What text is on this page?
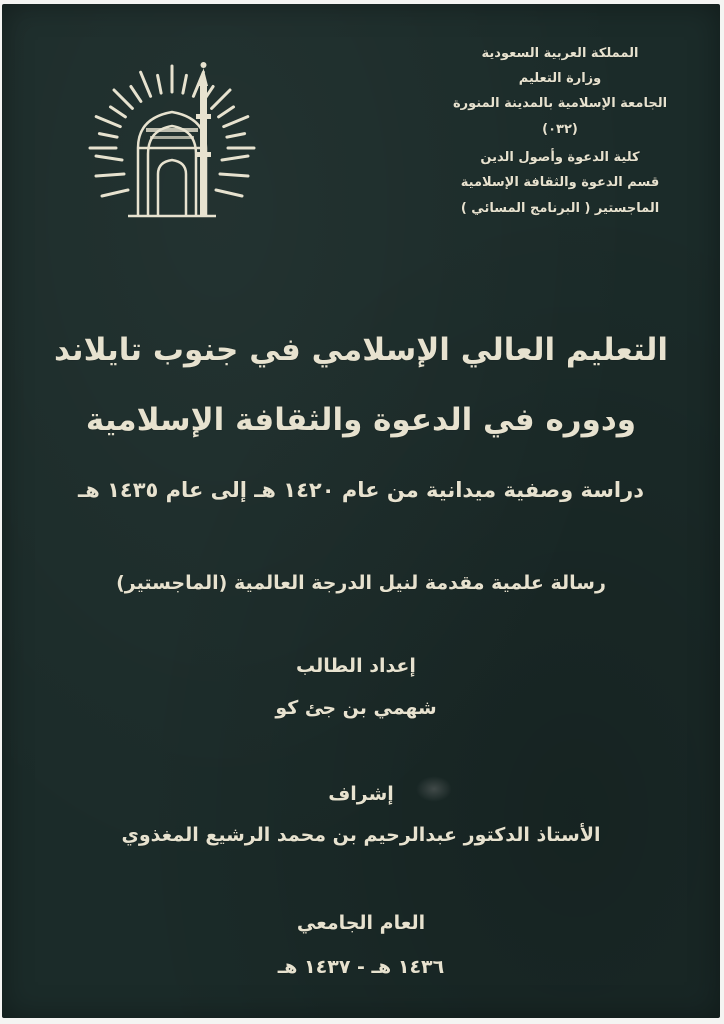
المملكة العربية السعودية
وزارة التعليم
الجامعة الإسلامية بالمدينة المنورة
(٠٣٢)
كلية الدعوة وأصول الدين
قسم الدعوة والثقافة الإسلامية
الماجستير ( البرنامج المسائي )
التعليم العالي الإسلامي في جنوب تايلاند
ودوره في الدعوة والثقافة الإسلامية
دراسة وصفية ميدانية من عام ١٤٢٠ هـ إلى عام ١٤٣٥ هـ
رسالة علمية مقدمة لنيل الدرجة العالمية (الماجستير)
إعداد الطالب
شهمي بن جئ كو
إشراف
الأستاذ الدكتور عبدالرحيم بن محمد الرشيع المغذوي
العام الجامعي
١٤٣٦ هـ - ١٤٣٧ هـ
